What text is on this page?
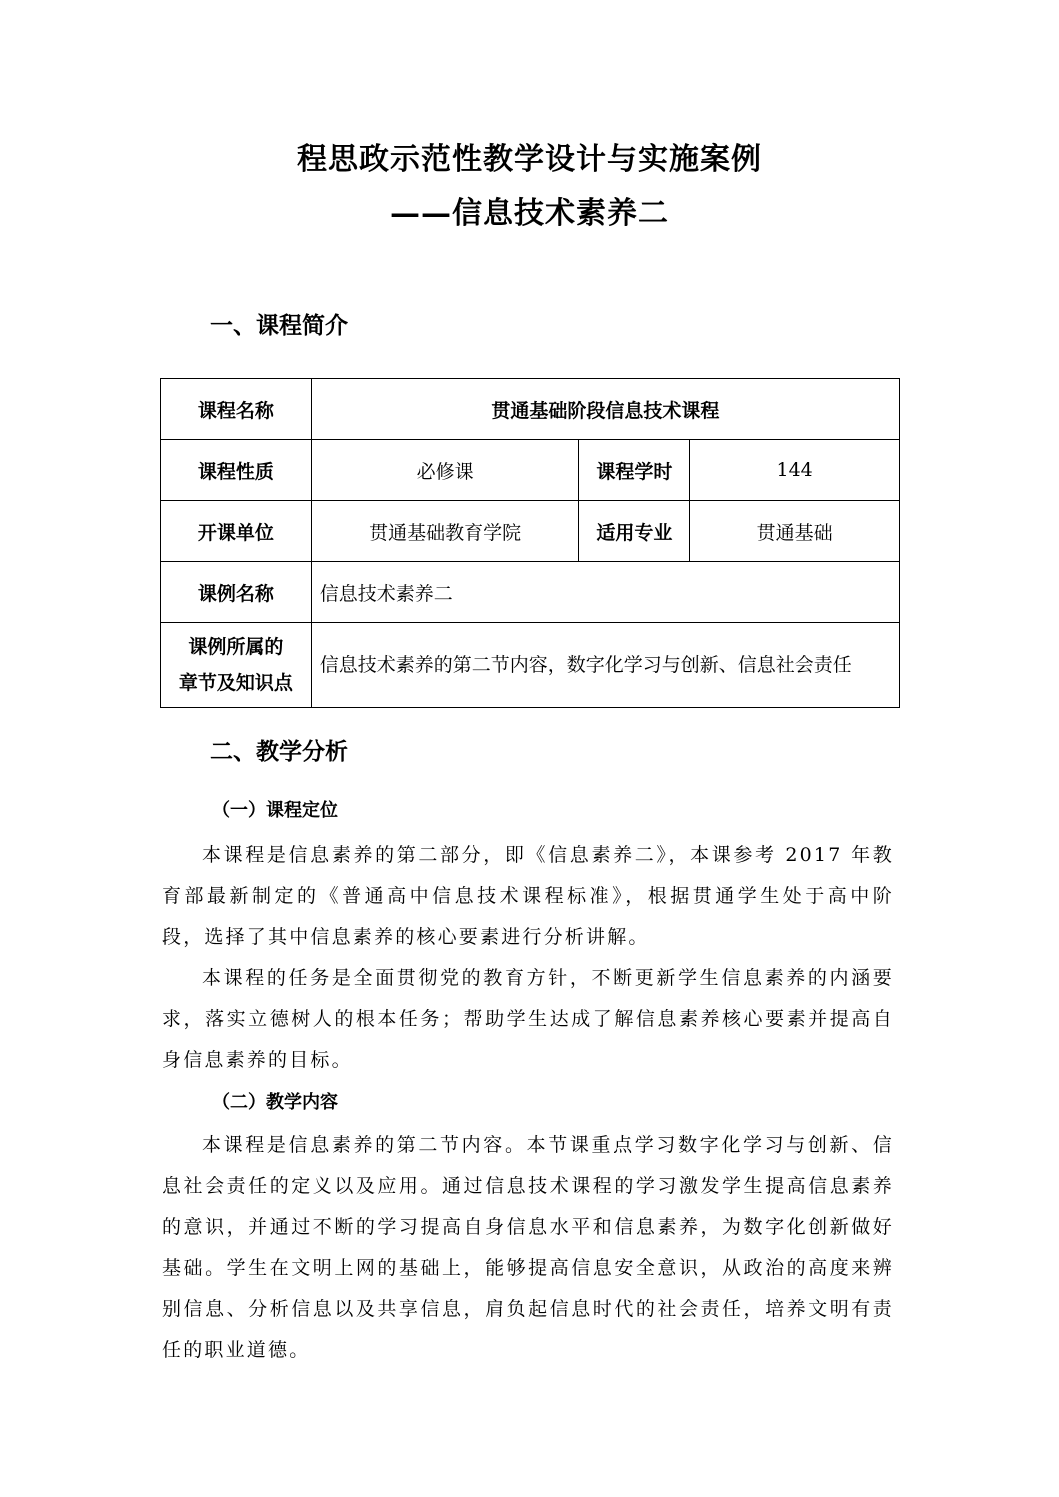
程思政示范性教学设计与实施案例
——信息技术素养二
一、课程简介
课程名称	贯通基础阶段信息技术课程		
课程性质	必修课	课程学时	144
开课单位	贯通基础教育学院	适用专业	贯通基础
课例名称	信息技术素养二		

课例所属的
章节及知识点	信息技术素养的第二节内容，数字化学习与创新、信息社会责任		
二、教学分析
（一）课程定位

本课程是信息素养的第二部分，即《信息素养二》，本课参考 2017 年教育部最新制定的《普通高中信息技术课程标准》，根据贯通学生处于高中阶段，选择了其中信息素养的核心要素进行分析讲解。

本课程的任务是全面贯彻党的教育方针，不断更新学生信息素养的内涵要求，落实立德树人的根本任务；帮助学生达成了解信息素养核心要素并提高自身信息素养的目标。

（二）教学内容

本课程是信息素养的第二节内容。本节课重点学习数字化学习与创新、信息社会责任的定义以及应用。通过信息技术课程的学习激发学生提高信息素养的意识，并通过不断的学习提高自身信息水平和信息素养，为数字化创新做好基础。学生在文明上网的基础上，能够提高信息安全意识，从政治的高度来辨别信息、分析信息以及共享信息，肩负起信息时代的社会责任，培养文明有责任的职业道德。
